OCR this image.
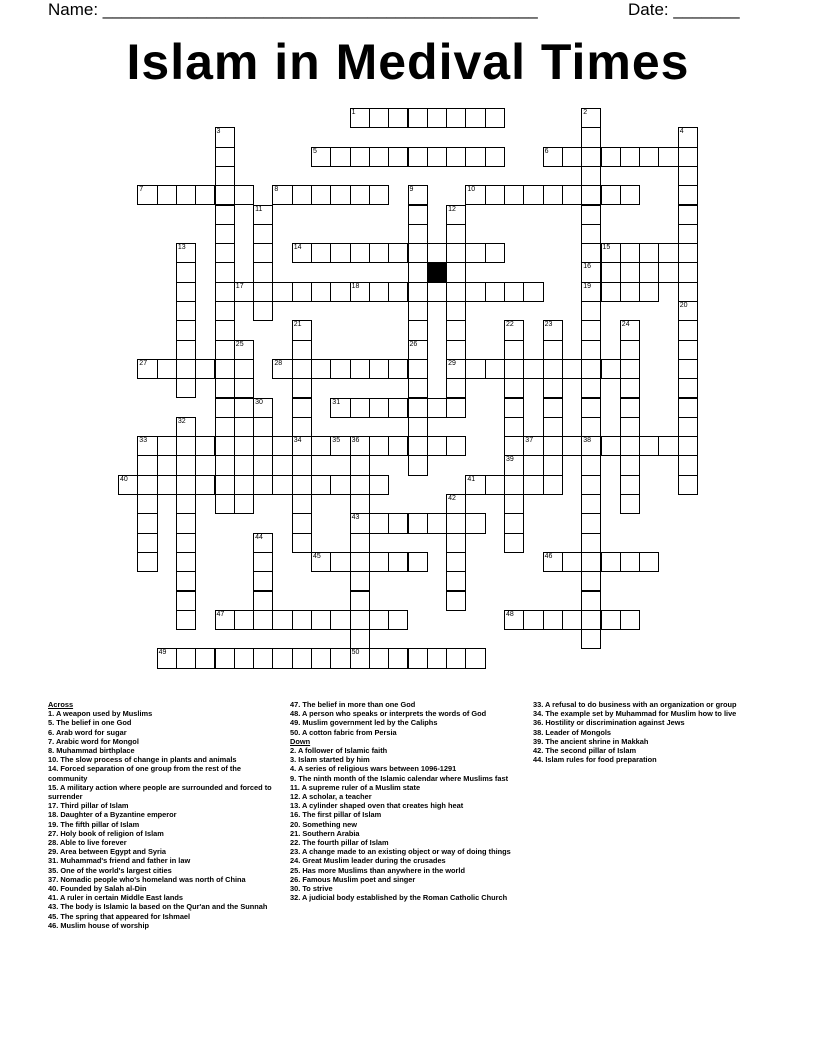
Name: ______________________________________________	Date: _______
Islam in Medival Times
1	2
3	4
5	6
7	8	9	10
11	12
13	14	15
16
17	18	19
20
21	22	23	24
25	26
27	28	29
30	31
32
33	34	35 36	37	38
39
40	41
42
43
44
45	46
47	48
49	50

Across

1. A weapon used by Muslims

5. The belief in one God

6. Arab word for sugar

7. Arabic word for Mongol

8. Muhammad birthplace

10. The slow process of change in plants and animals

14. Forced separation of one group from the rest of the community

15. A military action where people are surrounded and forced to surrender

17. Third pillar of Islam

18. Daughter of a Byzantine emperor

19. The fifth pillar of Islam

27. Holy book of religion of Islam

28. Able to live forever

29. Area between Egypt and Syria

31. Muhammad's friend and father in law

35. One of the world's largest cities

37. Nomadic people who's homeland was north of China

40. Founded by Salah al-Din

41. A ruler in certain Middle East lands

43. The body is Islamic la based on the Qur'an and the Sunnah

45. The spring that appeared for Ishmael

46. Muslim house of worship

47. The belief in more than one God

48. A person who speaks or interprets the words of God

49. Muslim government led by the Caliphs

50. A cotton fabric from Persia

Down

2. A follower of Islamic faith

3. Islam started by him

4. A series of religious wars between 1096-1291

9. The ninth month of the Islamic calendar where Muslims fast

11. A supreme ruler of a Muslim state

12. A scholar, a teacher

13. A cylinder shaped oven that creates high heat

16. The first pillar of Islam

20. Something new

21. Southern Arabia

22. The fourth pillar of Islam

23. A change made to an existing object or way of doing things

24. Great Muslim leader during the crusades

25. Has more Muslims than anywhere in the world

26. Famous Muslim poet and singer

30. To strive

32. A judicial body established by the Roman Catholic Church

33. A refusal to do business with an organization or group

34. The example set by Muhammad for Muslim how to live

36. Hostility or discrimination against Jews

38. Leader of Mongols

39. The ancient shrine in Makkah

42. The second pillar of Islam

44. Islam rules for food preparation
